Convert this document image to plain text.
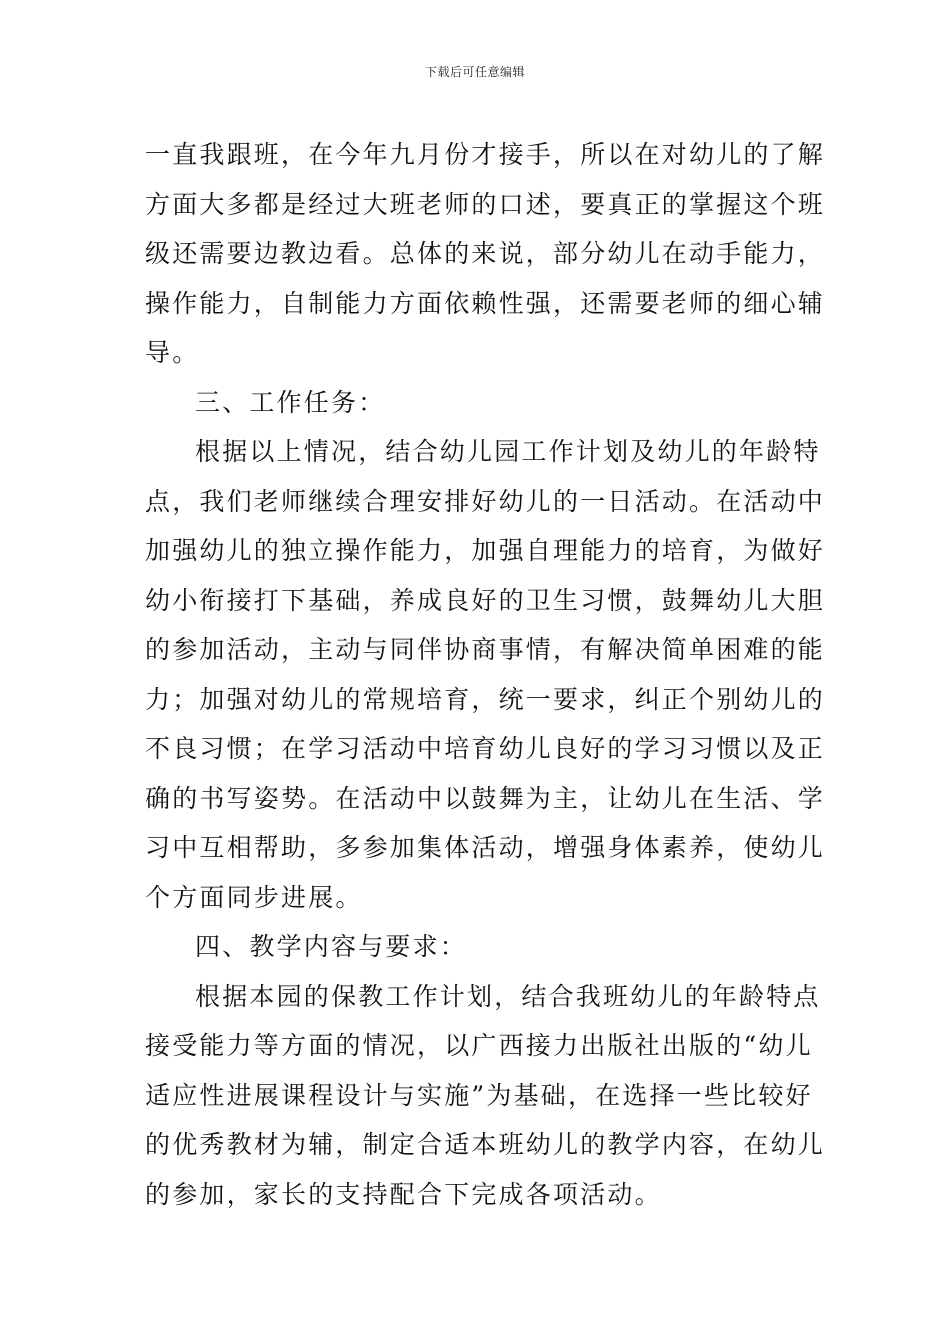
下载后可任意编辑
一直我跟班，在今年九月份才接手，所以在对幼儿的了解
方面大多都是经过大班老师的口述，要真正的掌握这个班
级还需要边教边看。总体的来说，部分幼儿在动手能力，
操作能力，自制能力方面依赖性强，还需要老师的细心辅
导。
三、工作任务：
根据以上情况，结合幼儿园工作计划及幼儿的年龄特
点，我们老师继续合理安排好幼儿的一日活动。在活动中
加强幼儿的独立操作能力，加强自理能力的培育，为做好
幼小衔接打下基础，养成良好的卫生习惯，鼓舞幼儿大胆
的参加活动，主动与同伴协商事情，有解决简单困难的能
力；加强对幼儿的常规培育，统一要求，纠正个别幼儿的
不良习惯；在学习活动中培育幼儿良好的学习习惯以及正
确的书写姿势。在活动中以鼓舞为主，让幼儿在生活、学
习中互相帮助，多参加集体活动，增强身体素养，使幼儿
个方面同步进展。
四、教学内容与要求：
根据本园的保教工作计划，结合我班幼儿的年龄特点
接受能力等方面的情况，以广西接力出版社出版的“幼儿
适应性进展课程设计与实施”为基础，在选择一些比较好
的优秀教材为辅，制定合适本班幼儿的教学内容，在幼儿
的参加，家长的支持配合下完成各项活动。
